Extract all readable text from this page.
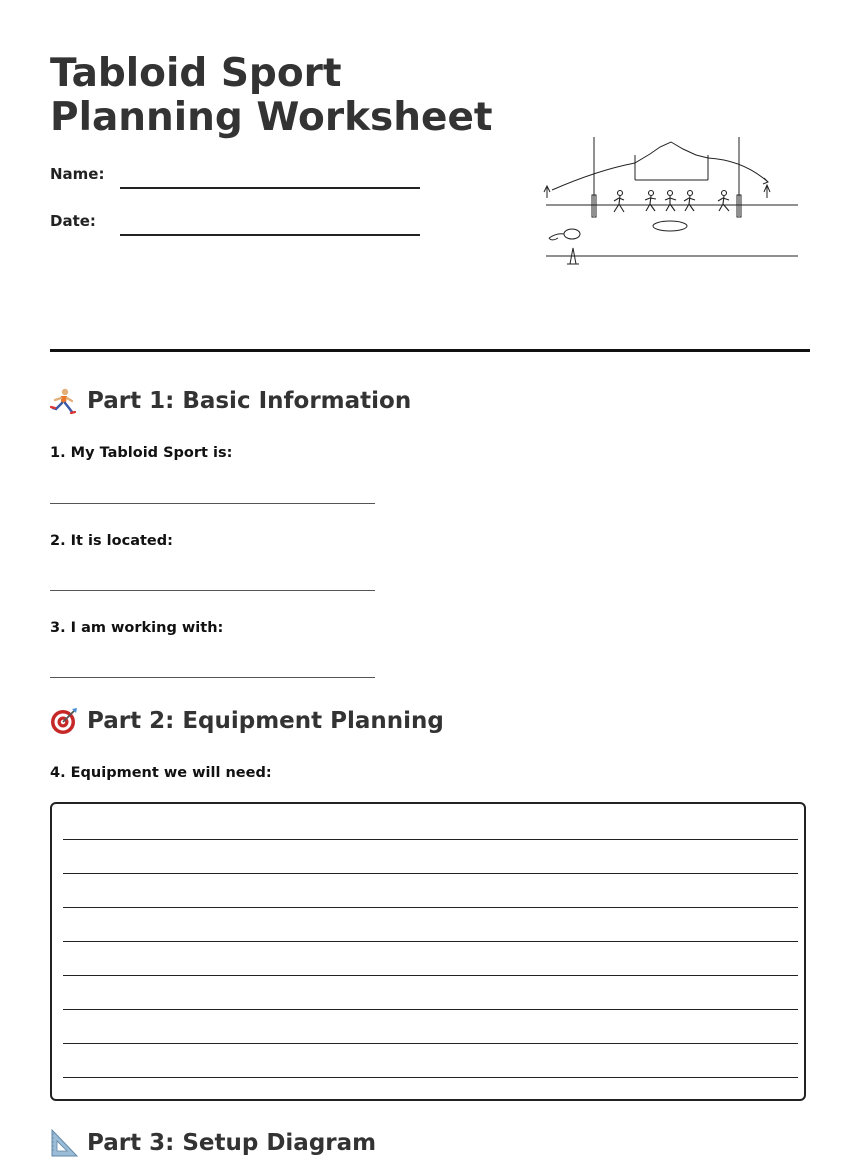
Tabloid Sport Planning Worksheet
Name:
Date:
Part 1: Basic Information
1. My Tabloid Sport is:
2. It is located:
3. I am working with:
Part 2: Equipment Planning
4. Equipment we will need:
Part 3: Setup Diagram
